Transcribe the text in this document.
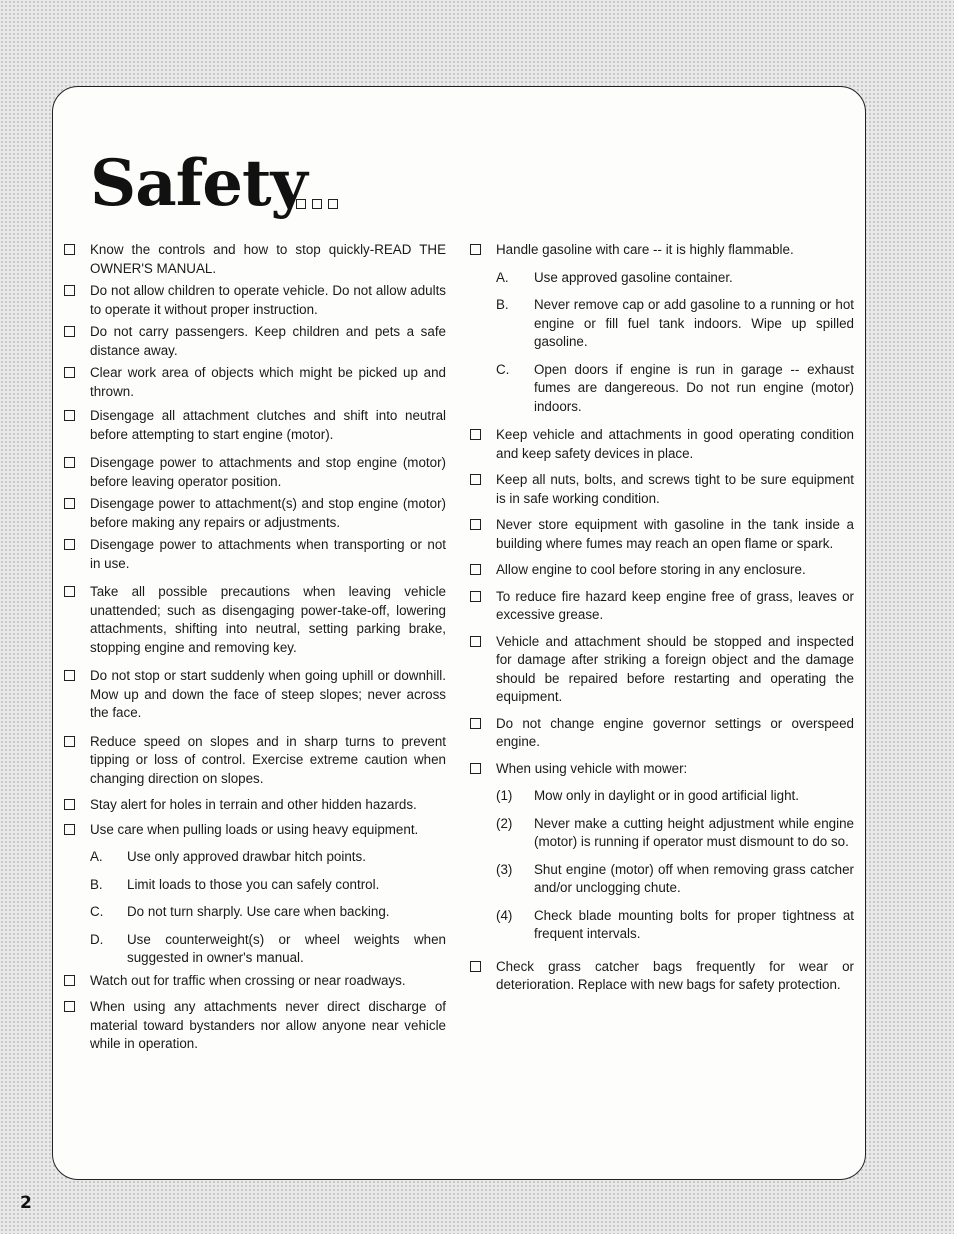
Safety
Know the controls and how to stop quickly-READ THE OWNER'S MANUAL.
Do not allow children to operate vehicle. Do not allow adults to operate it without proper instruction.
Do not carry passengers. Keep children and pets a safe distance away.
Clear work area of objects which might be picked up and thrown.
Disengage all attachment clutches and shift into neutral before attempting to start engine (motor).
Disengage power to attachments and stop engine (motor) before leaving operator position.
Disengage power to attachment(s) and stop engine (motor) before making any repairs or adjustments.
Disengage power to attachments when transporting or not in use.
Take all possible precautions when leaving vehicle unattended; such as disengaging power-take-off, lowering attachments, shifting into neutral, setting parking brake, stopping engine and removing key.
Do not stop or start suddenly when going uphill or downhill. Mow up and down the face of steep slopes; never across the face.
Reduce speed on slopes and in sharp turns to prevent tipping or loss of control. Exercise extreme caution when changing direction on slopes.
Stay alert for holes in terrain and other hidden hazards.
Use care when pulling loads or using heavy equipment.
A. Use only approved drawbar hitch points.
B. Limit loads to those you can safely control.
C. Do not turn sharply. Use care when backing.
D. Use counterweight(s) or wheel weights when suggested in owner's manual.
Watch out for traffic when crossing or near roadways.
When using any attachments never direct discharge of material toward bystanders nor allow anyone near vehicle while in operation.
Handle gasoline with care -- it is highly flammable.
A. Use approved gasoline container.
B. Never remove cap or add gasoline to a running or hot engine or fill fuel tank indoors. Wipe up spilled gasoline.
C. Open doors if engine is run in garage -- exhaust fumes are dangereous. Do not run engine (motor) indoors.
Keep vehicle and attachments in good operating condition and keep safety devices in place.
Keep all nuts, bolts, and screws tight to be sure equipment is in safe working condition.
Never store equipment with gasoline in the tank inside a building where fumes may reach an open flame or spark.
Allow engine to cool before storing in any enclosure.
To reduce fire hazard keep engine free of grass, leaves or excessive grease.
Vehicle and attachment should be stopped and inspected for damage after striking a foreign object and the damage should be repaired before restarting and operating the equipment.
Do not change engine governor settings or overspeed engine.
When using vehicle with mower:
(1) Mow only in daylight or in good artificial light.
(2) Never make a cutting height adjustment while engine (motor) is running if operator must dismount to do so.
(3) Shut engine (motor) off when removing grass catcher and/or unclogging chute.
(4) Check blade mounting bolts for proper tightness at frequent intervals.
Check grass catcher bags frequently for wear or deterioration. Replace with new bags for safety protection.
2
